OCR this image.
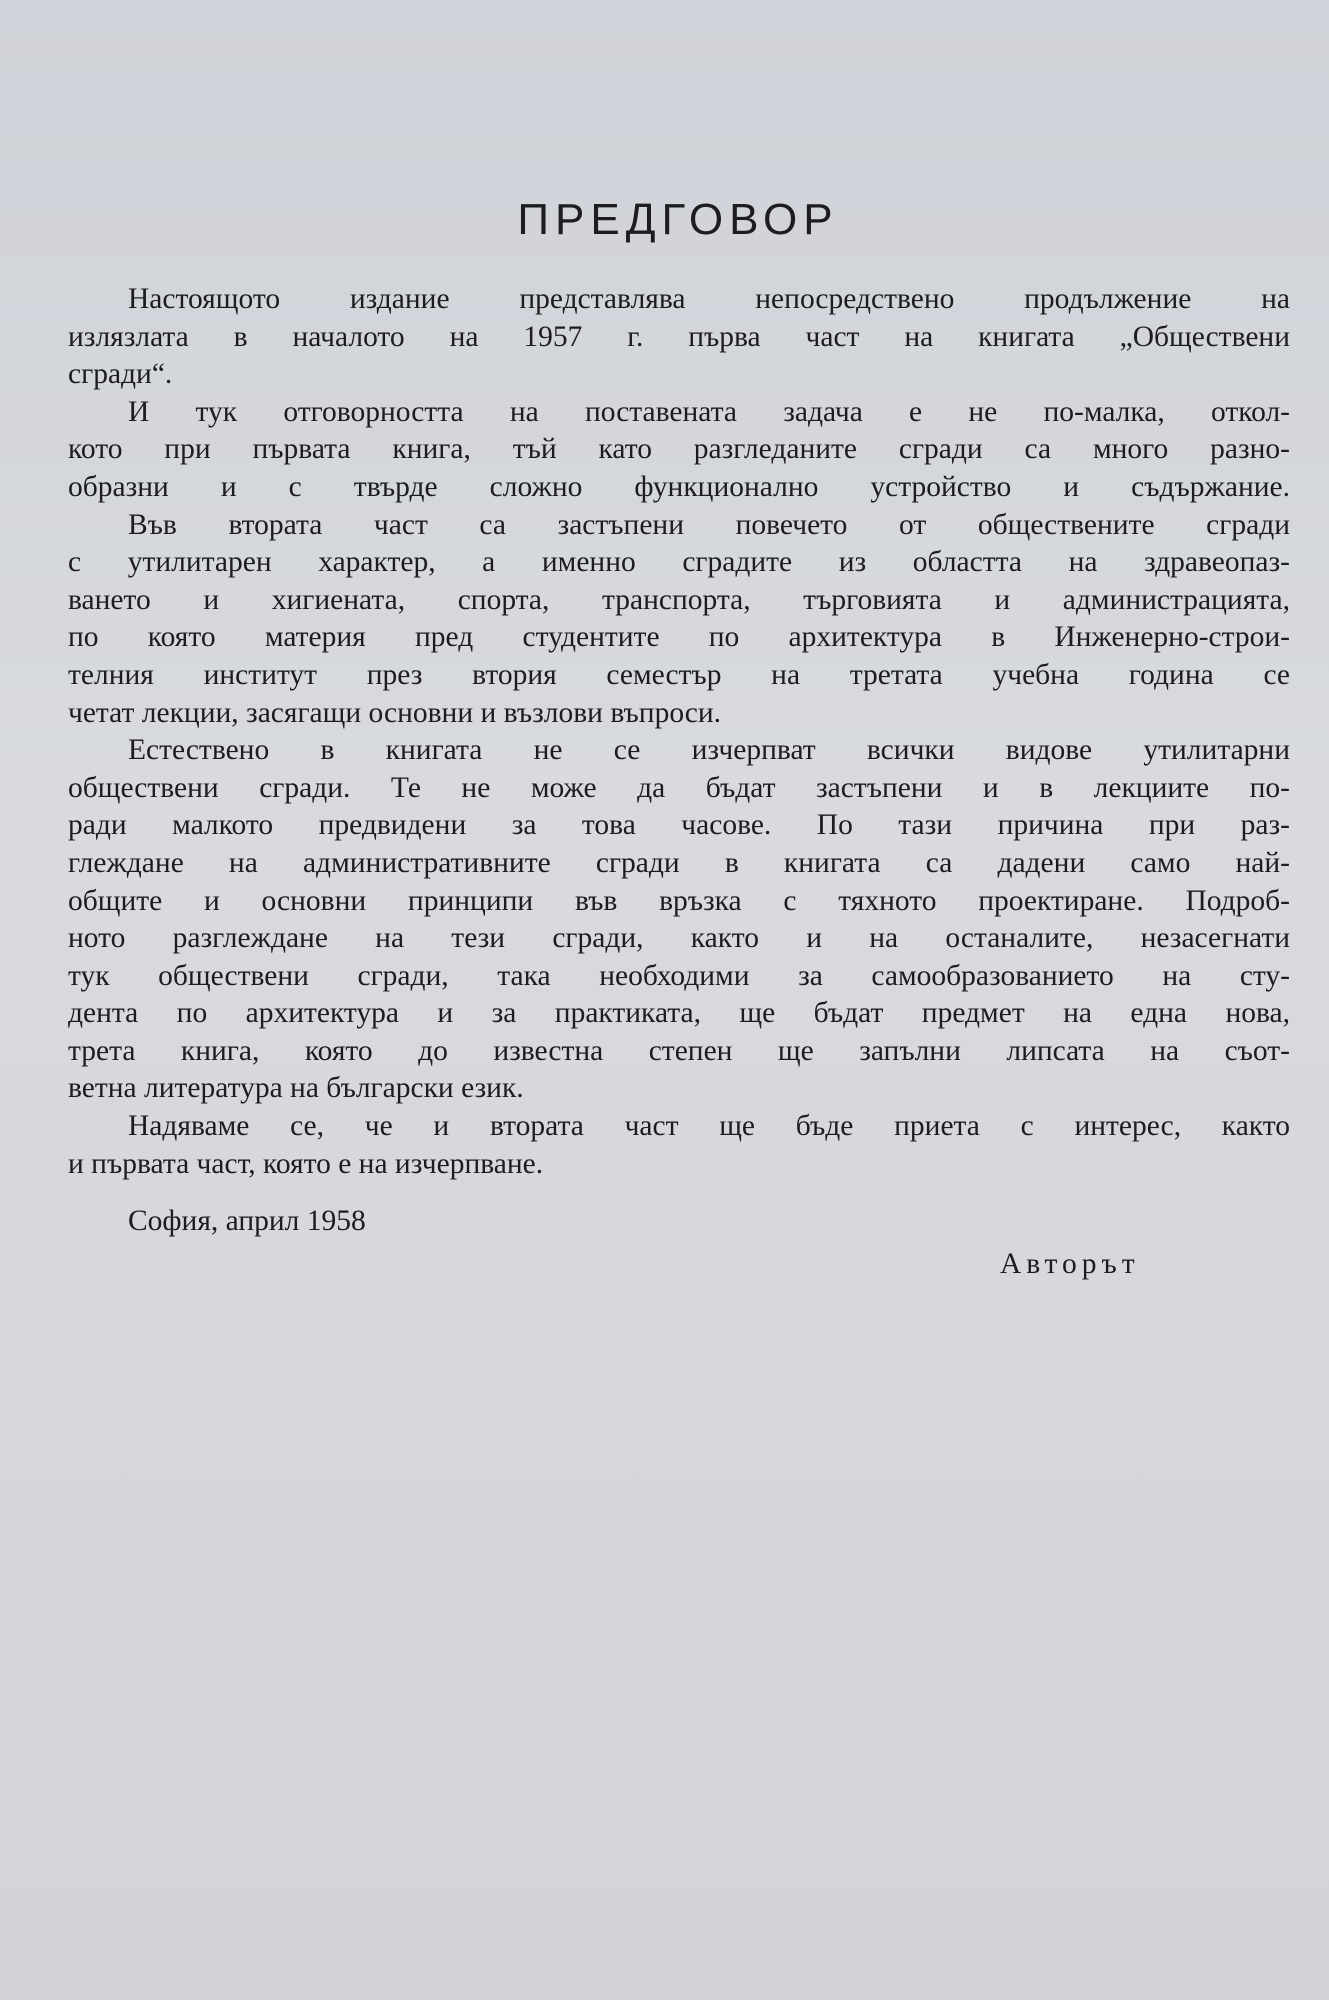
ПРЕДГОВОР

Настоящото издание представлява непосредствено продължение на
излязлата в началото на 1957 г. първа част на книгата „Обществени
сгради“.

И тук отговорността на поставената задача е не по-малка, откол-
кото при първата книга, тъй като разгледаните сгради са много разно-
образни и с твърде сложно функционално устройство и съдържание.

Във втората част са застъпени повечето от обществените сгради
с утилитарен характер, а именно сградите из областта на здравеопаз-
ването и хигиената, спорта, транспорта, търговията и администрацията,
по която материя пред студентите по архитектура в Инженерно-строи-
телния институт през втория семестър на третата учебна година се
четат лекции, засягащи основни и възлови въпроси.

Естествено в книгата не се изчерпват всички видове утилитарни
обществени сгради. Те не може да бъдат застъпени и в лекциите по-
ради малкото предвидени за това часове. По тази причина при раз-
глеждане на административните сгради в книгата са дадени само най-
общите и основни принципи във връзка с тяхното проектиране. Подроб-
ното разглеждане на тези сгради, както и на останалите, незасегнати
тук обществени сгради, така необходими за самообразованието на сту-
дента по архитектура и за практиката, ще бъдат предмет на една нова,
трета книга, която до известна степен ще запълни липсата на съот-
ветна литература на български език.

Надяваме се, че и втората част ще бъде приета с интерес, както
и първата част, която е на изчерпване.

София, април 1958
Авторът
